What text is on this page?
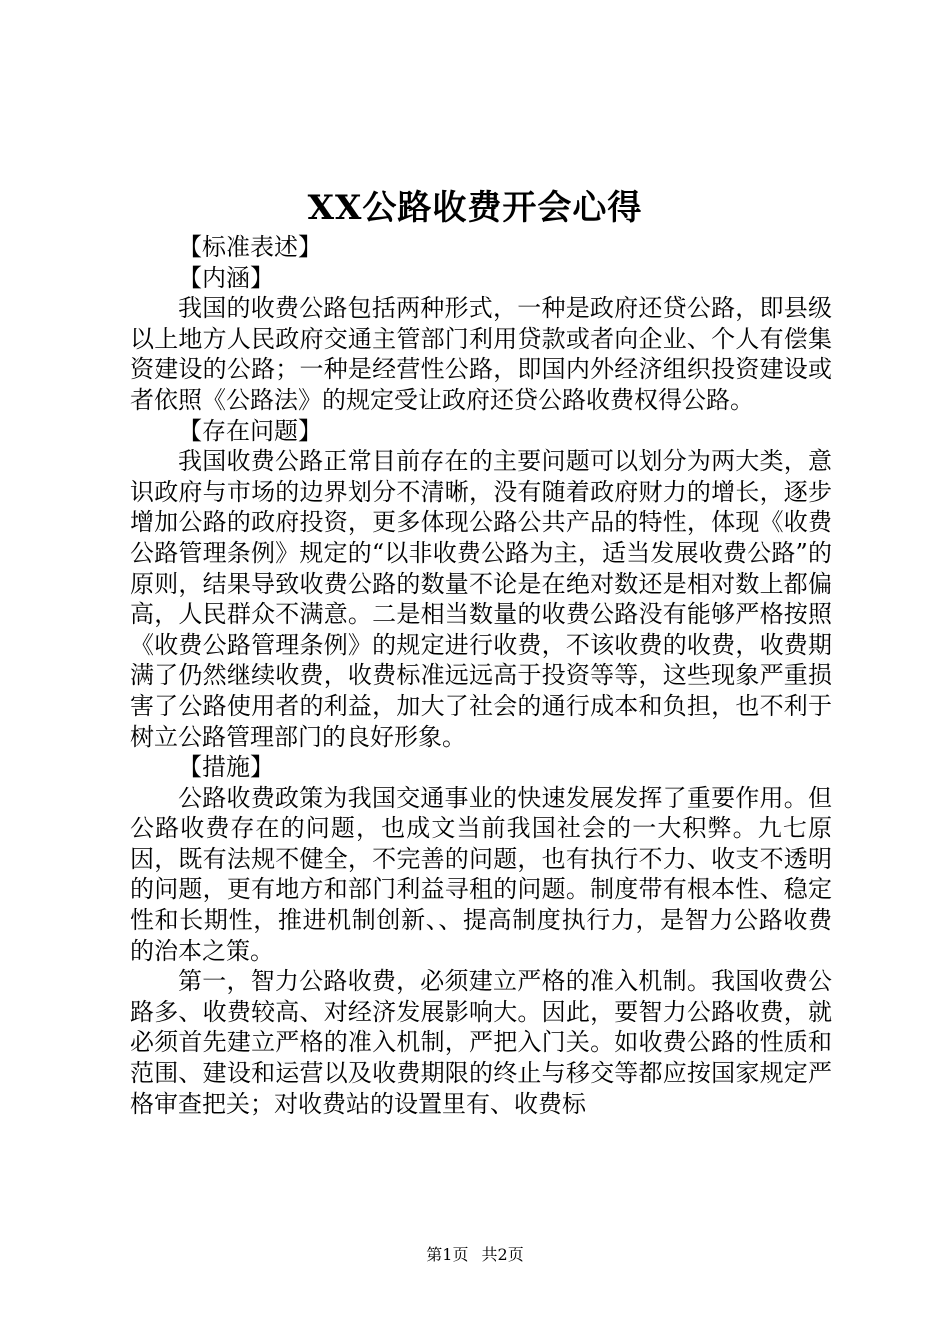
XX公路收费开会心得

【标准表述】

【内涵】

我国的收费公路包括两种形式，一种是政府还贷公路，即县级以上地方人民政府交通主管部门利用贷款或者向企业、个人有偿集资建设的公路；一种是经营性公路，即国内外经济组织投资建设或者依照《公路法》的规定受让政府还贷公路收费权得公路。

【存在问题】

我国收费公路正常目前存在的主要问题可以划分为两大类，意识政府与市场的边界划分不清晰，没有随着政府财力的增长，逐步增加公路的政府投资，更多体现公路公共产品的特性，体现《收费公路管理条例》规定的“以非收费公路为主，适当发展收费公路”的原则，结果导致收费公路的数量不论是在绝对数还是相对数上都偏高，人民群众不满意。二是相当数量的收费公路没有能够严格按照《收费公路管理条例》的规定进行收费，不该收费的收费，收费期满了仍然继续收费，收费标准远远高于投资等等，这些现象严重损害了公路使用者的利益，加大了社会的通行成本和负担，也不利于树立公路管理部门的良好形象。

【措施】

公路收费政策为我国交通事业的快速发展发挥了重要作用。但公路收费存在的问题，也成文当前我国社会的一大积弊。九七原因，既有法规不健全，不完善的问题，也有执行不力、收支不透明的问题，更有地方和部门利益寻租的问题。制度带有根本性、稳定性和长期性，推进机制创新、、提高制度执行力，是智力公路收费的治本之策。

第一，智力公路收费，必须建立严格的准入机制。我国收费公路多、收费较高、对经济发展影响大。因此，要智力公路收费，就必须首先建立严格的准入机制，严把入门关。如收费公路的性质和范围、建设和运营以及收费期限的终止与移交等都应按国家规定严格审查把关；对收费站的设置里有、收费标

第1页 共2页
